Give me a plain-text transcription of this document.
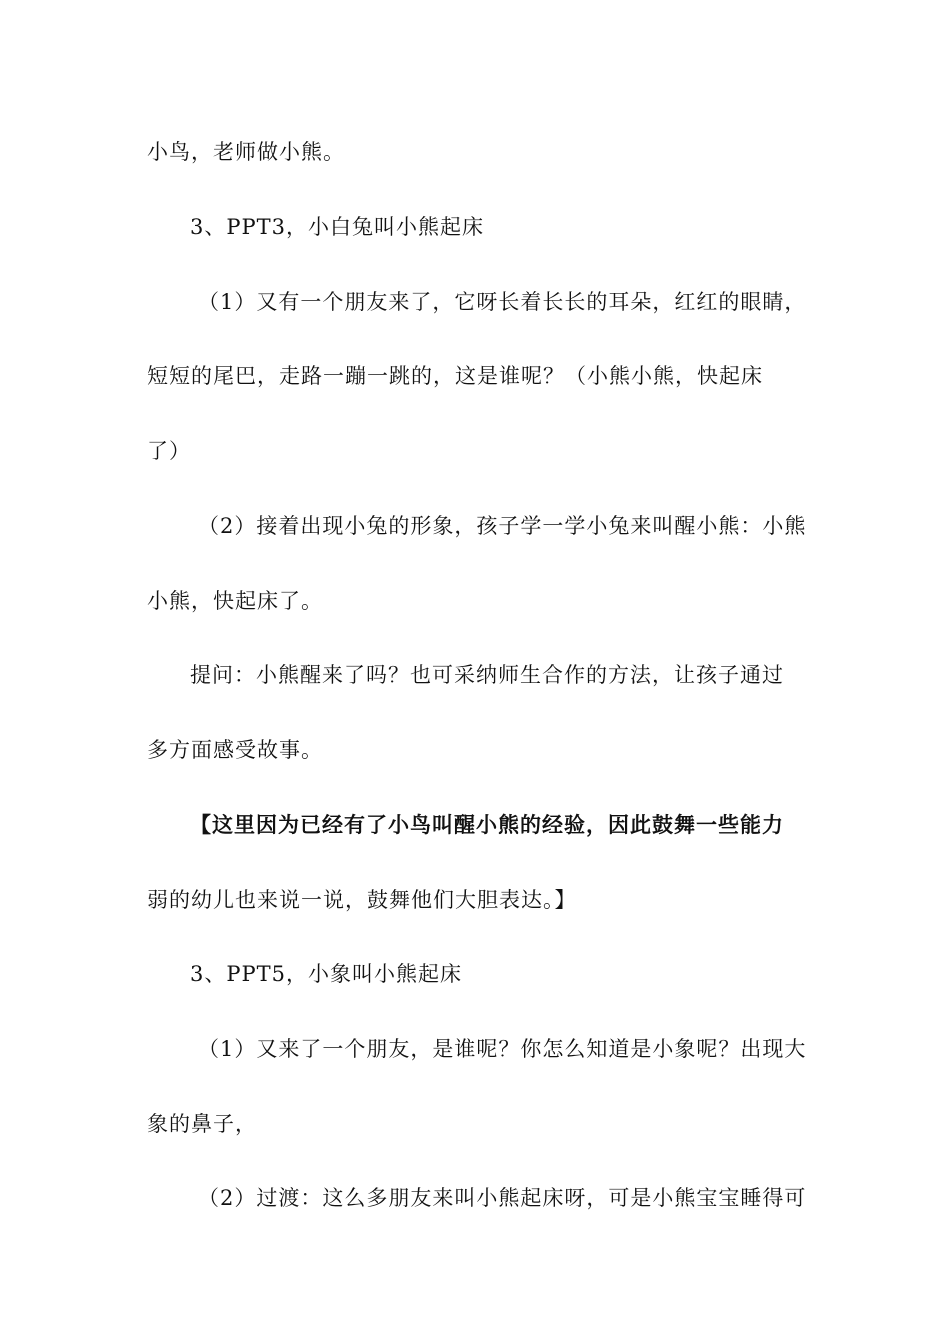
小鸟，老师做小熊。
3、PPT3，小白兔叫小熊起床
（1）又有一个朋友来了，它呀长着长长的耳朵，红红的眼睛，
短短的尾巴，走路一蹦一跳的，这是谁呢？（小熊小熊，快起床
了）
（2）接着出现小兔的形象，孩子学一学小兔来叫醒小熊：小熊
小熊，快起床了。
提问：小熊醒来了吗？也可采纳师生合作的方法，让孩子通过
多方面感受故事。
【这里因为已经有了小鸟叫醒小熊的经验，因此鼓舞一些能力
弱的幼儿也来说一说，鼓舞他们大胆表达。】
3、PPT5，小象叫小熊起床
（1）又来了一个朋友，是谁呢？你怎么知道是小象呢？出现大
象的鼻子，
（2）过渡：这么多朋友来叫小熊起床呀，可是小熊宝宝睡得可
